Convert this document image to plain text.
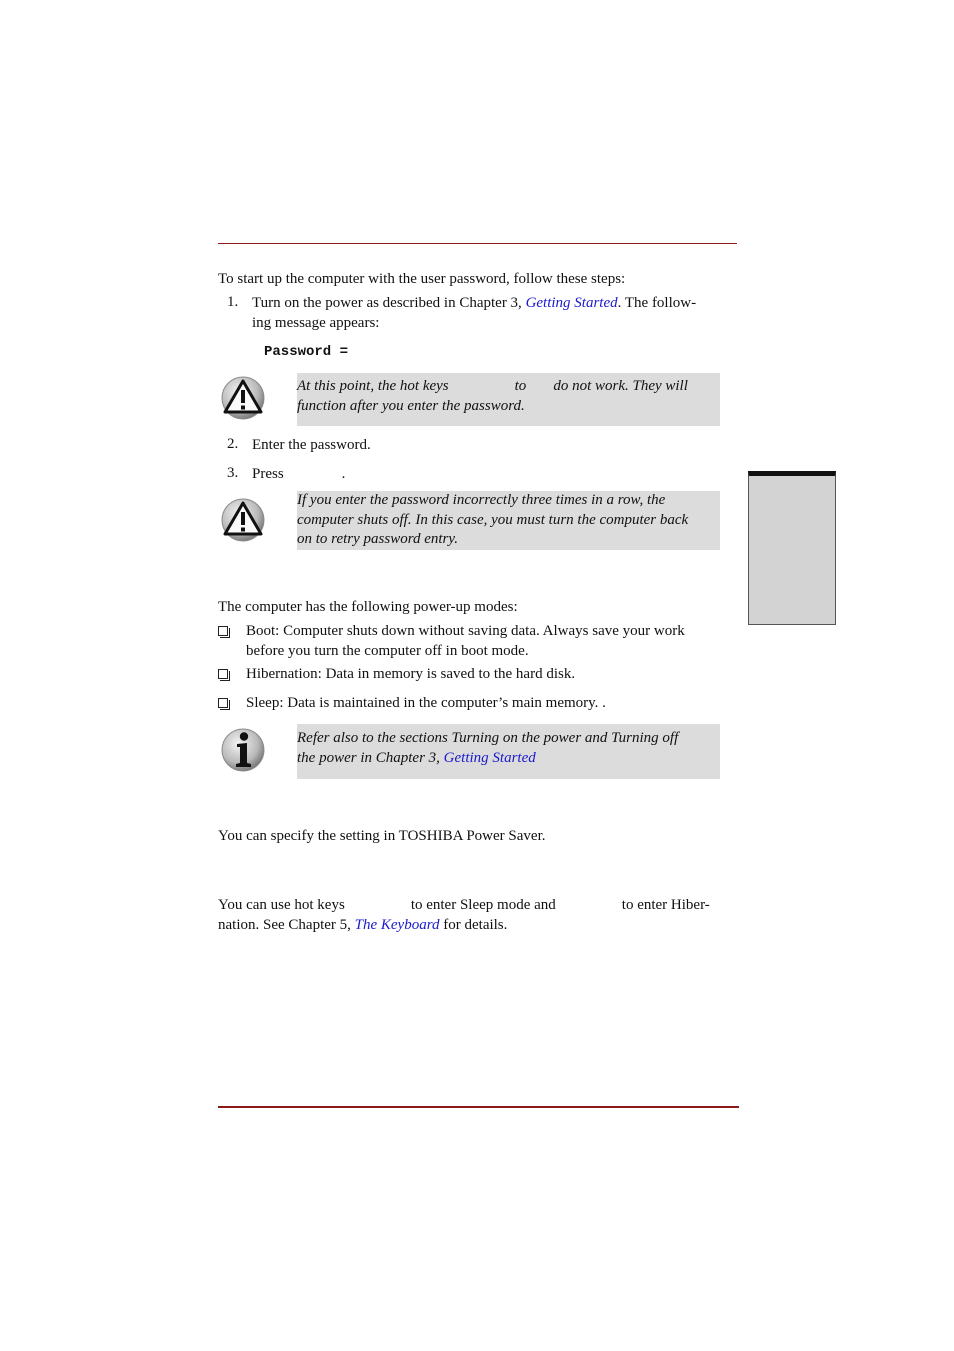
To start up the computer with the user password, follow these steps:
1. Turn on the power as described in Chapter 3, Getting Started. The follow-
ing message appears:
Password =
At this point, the hot keys	to do not work. They will
function after you enter the password.
2. Enter the password.
3. Press	.
If you enter the password incorrectly three times in a row, the
computer shuts off. In this case, you must turn the computer back
on to retry password entry.
The computer has the following power-up modes:
Boot: Computer shuts down without saving data. Always save your work
before you turn the computer off in boot mode.
Hibernation: Data in memory is saved to the hard disk.
Sleep: Data is maintained in the computer’s main memory. .
Refer also to the sections Turning on the power and Turning off
the power in Chapter 3, Getting Started
You can specify the setting in TOSHIBA Power Saver.
You can use hot keys	to enter Sleep mode and	to enter Hiber-
nation. See Chapter 5, The Keyboard for details.
